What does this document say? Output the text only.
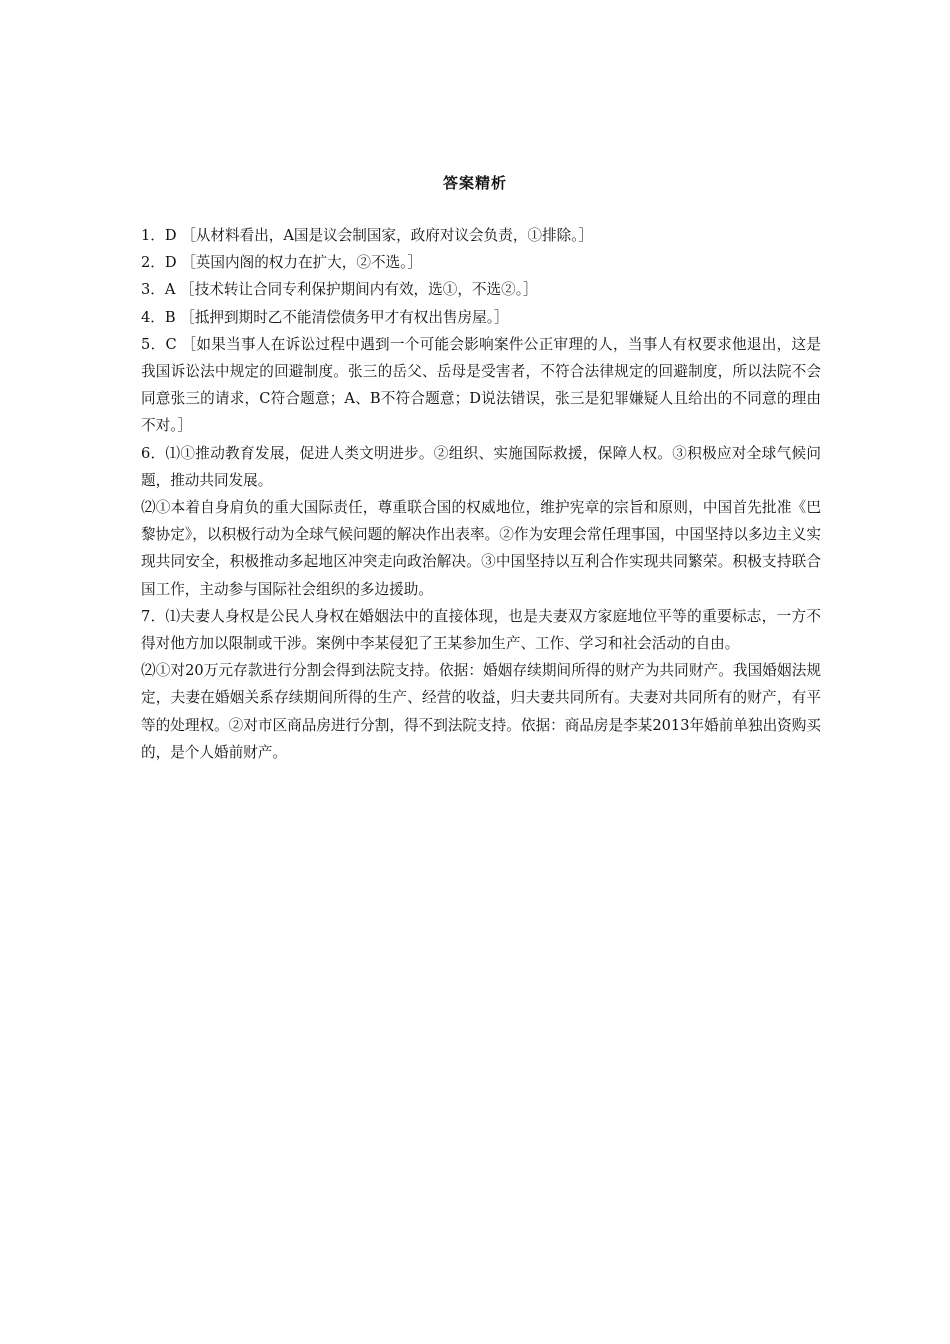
答案精析

1．D ［从材料看出，A国是议会制国家，政府对议会负责，①排除。］

2．D ［英国内阁的权力在扩大，②不选。］

3．A ［技术转让合同专利保护期间内有效，选①，不选②。］

4．B ［抵押到期时乙不能清偿债务甲才有权出售房屋。］

5．C ［如果当事人在诉讼过程中遇到一个可能会影响案件公正审理的人，当事人有权要求他退出，这是我国诉讼法中规定的回避制度。张三的岳父、岳母是受害者，不符合法律规定的回避制度，所以法院不会同意张三的请求，C符合题意；A、B不符合题意；D说法错误，张三是犯罪嫌疑人且给出的不同意的理由不对。］

6．⑴①推动教育发展，促进人类文明进步。②组织、实施国际救援，保障人权。③积极应对全球气候问题，推动共同发展。

⑵①本着自身肩负的重大国际责任，尊重联合国的权威地位，维护宪章的宗旨和原则，中国首先批准《巴黎协定》，以积极行动为全球气候问题的解决作出表率。②作为安理会常任理事国，中国坚持以多边主义实现共同安全，积极推动多起地区冲突走向政治解决。③中国坚持以互利合作实现共同繁荣。积极支持联合国工作，主动参与国际社会组织的多边援助。

7．⑴夫妻人身权是公民人身权在婚姻法中的直接体现，也是夫妻双方家庭地位平等的重要标志，一方不得对他方加以限制或干涉。案例中李某侵犯了王某参加生产、工作、学习和社会活动的自由。

⑵①对20万元存款进行分割会得到法院支持。依据：婚姻存续期间所得的财产为共同财产。我国婚姻法规定，夫妻在婚姻关系存续期间所得的生产、经营的收益，归夫妻共同所有。夫妻对共同所有的财产，有平等的处理权。②对市区商品房进行分割，得不到法院支持。依据：商品房是李某2013年婚前单独出资购买的，是个人婚前财产。
